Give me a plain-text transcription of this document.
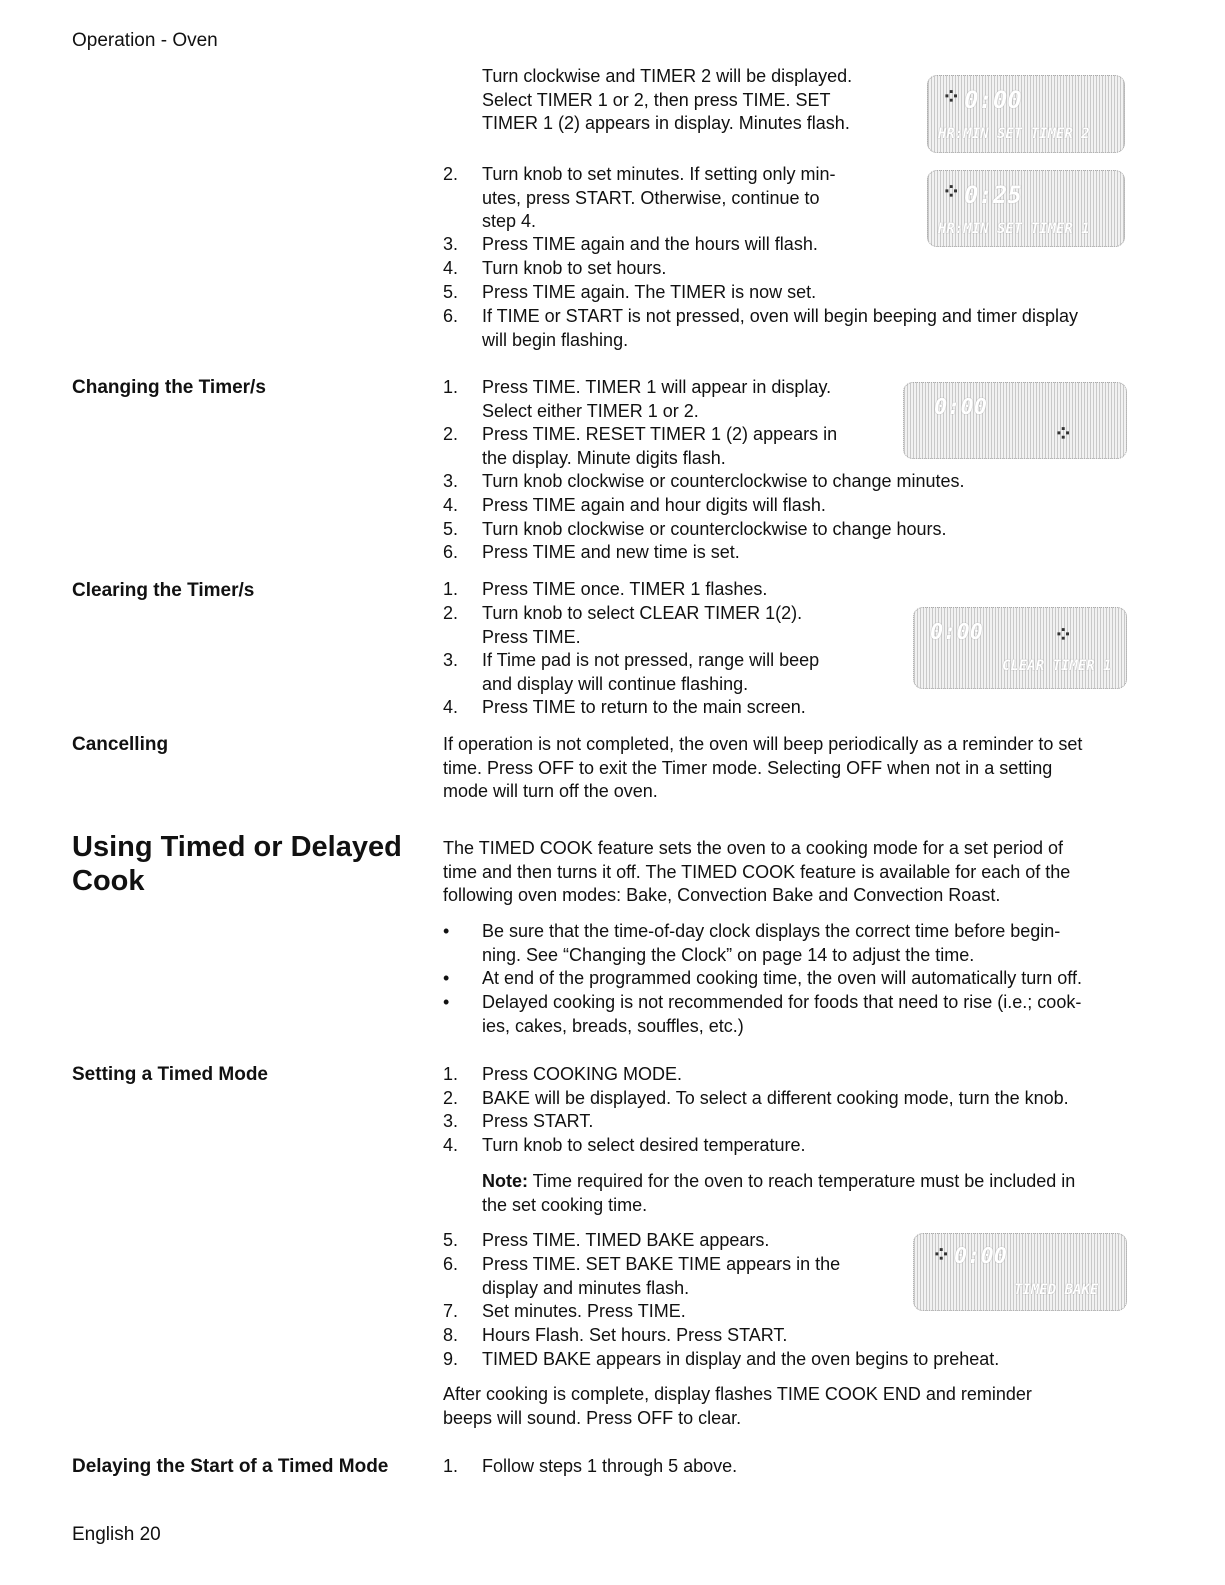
Operation - Oven
Turn clockwise and TIMER 2 will be displayed.
Select TIMER 1 or 2, then press TIME. SET
TIMER 1 (2) appears in display. Minutes flash.
⁘ 0:00
HR:MIN SET TIMER 2
2. Turn knob to set minutes. If setting only min-
utes, press START. Otherwise, continue to
step 4.
3. Press TIME again and the hours will flash.
4. Turn knob to set hours.
5. Press TIME again. The TIMER is now set.
6. If TIME or START is not pressed, oven will begin beeping and timer display
will begin flashing.
⁘ 0:25
HR:MIN SET TIMER 1
Changing the Timer/s	1. Press TIME. TIMER 1 will appear in display.
Select either TIMER 1 or 2.
2. Press TIME. RESET TIMER 1 (2) appears in
the display. Minute digits flash.
3. Turn knob clockwise or counterclockwise to change minutes.
4. Press TIME again and hour digits will flash.
5. Turn knob clockwise or counterclockwise to change hours.
6. Press TIME and new time is set.
0:00
⁘
Clearing the Timer/s	1. Press TIME once. TIMER 1 flashes.
2. Turn knob to select CLEAR TIMER 1(2).
Press TIME.
3. If Time pad is not pressed, range will beep
and display will continue flashing.
4. Press TIME to return to the main screen.
0:00	⁘
CLEAR TIMER 1
Cancelling	If operation is not completed, the oven will beep periodically as a reminder to set
time. Press OFF to exit the Timer mode. Selecting OFF when not in a setting
mode will turn off the oven.
Using Timed or Delayed Cook
The TIMED COOK feature sets the oven to a cooking mode for a set period of
time and then turns it off. The TIMED COOK feature is available for each of the
following oven modes: Bake, Convection Bake and Convection Roast.
• Be sure that the time-of-day clock displays the correct time before begin-
ning. See “Changing the Clock” on page 14 to adjust the time.
• At end of the programmed cooking time, the oven will automatically turn off.
• Delayed cooking is not recommended for foods that need to rise (i.e.; cook-
ies, cakes, breads, souffles, etc.)
Setting a Timed Mode	1. Press COOKING MODE.
2. BAKE will be displayed. To select a different cooking mode, turn the knob.
3. Press START.
4. Turn knob to select desired temperature.
Note: Time required for the oven to reach temperature must be included in
the set cooking time.
5. Press TIME. TIMED BAKE appears.
6. Press TIME. SET BAKE TIME appears in the
display and minutes flash.
7. Set minutes. Press TIME.
8. Hours Flash. Set hours. Press START.
9. TIMED BAKE appears in display and the oven begins to preheat.
⁘ 0:00
TIMED BAKE
After cooking is complete, display flashes TIME COOK END and reminder
beeps will sound. Press OFF to clear.
Delaying the Start of a Timed Mode	1. Follow steps 1 through 5 above.
English 20
